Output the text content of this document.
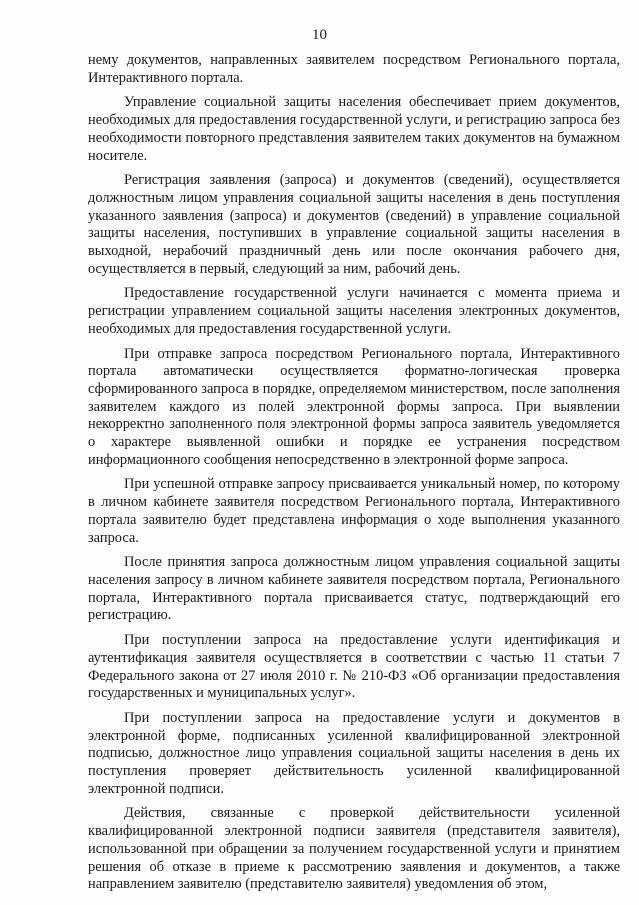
10

нему документов, направленных заявителем посредством Регионального портала, Интерактивного портала.

Управление социальной защиты населения обеспечивает прием документов, необходимых для предоставления государственной услуги, и регистрацию запроса без необходимости повторного представления заявителем таких документов на бумажном носителе.

Регистрация заявления (запроса) и документов (сведений), осуществляется должностным лицом управления социальной защиты населения в день поступления указанного заявления (запроса) и документов (сведений) в управление социальной защиты населения, поступивших в управление социальной защиты населения в выходной, нерабочий праздничный день или после окончания рабочего дня, осуществляется в первый, следующий за ним, рабочий день.

Предоставление государственной услуги начинается с момента приема и регистрации управлением социальной защиты населения электронных документов, необходимых для предоставления государственной услуги.

При отправке запроса посредством Регионального портала, Интерактивного портала автоматически осуществляется форматно-логическая проверка сформированного запроса в порядке, определяемом министерством, после заполнения заявителем каждого из полей электронной формы запроса. При выявлении некорректно заполненного поля электронной формы запроса заявитель уведомляется о характере выявленной ошибки и порядке ее устранения посредством информационного сообщения непосредственно в электронной форме запроса.

При успешной отправке запросу присваивается уникальный номер, по которому в личном кабинете заявителя посредством Регионального портала, Интерактивного портала заявителю будет представлена информация о ходе выполнения указанного запроса.

После принятия запроса должностным лицом управления социальной защиты населения запросу в личном кабинете заявителя посредством портала, Регионального портала, Интерактивного портала присваивается статус, подтверждающий его регистрацию.

При поступлении запроса на предоставление услуги идентификация и аутентификация заявителя осуществляется в соответствии с частью 11 статьи 7 Федерального закона от 27 июля 2010 г. № 210-ФЗ «Об организации предоставления государственных и муниципальных услуг».

При поступлении запроса на предоставление услуги и документов в электронной форме, подписанных усиленной квалифицированной электронной подписью, должностное лицо управления социальной защиты населения в день их поступления проверяет действительность усиленной квалифицированной электронной подписи.

Действия, связанные с проверкой действительности усиленной квалифицированной электронной подписи заявителя (представителя заявителя), использованной при обращении за получением государственной услуги и принятием решения об отказе в приеме к рассмотрению заявления и документов, а также направлением заявителю (представителю заявителя) уведомления об этом,
